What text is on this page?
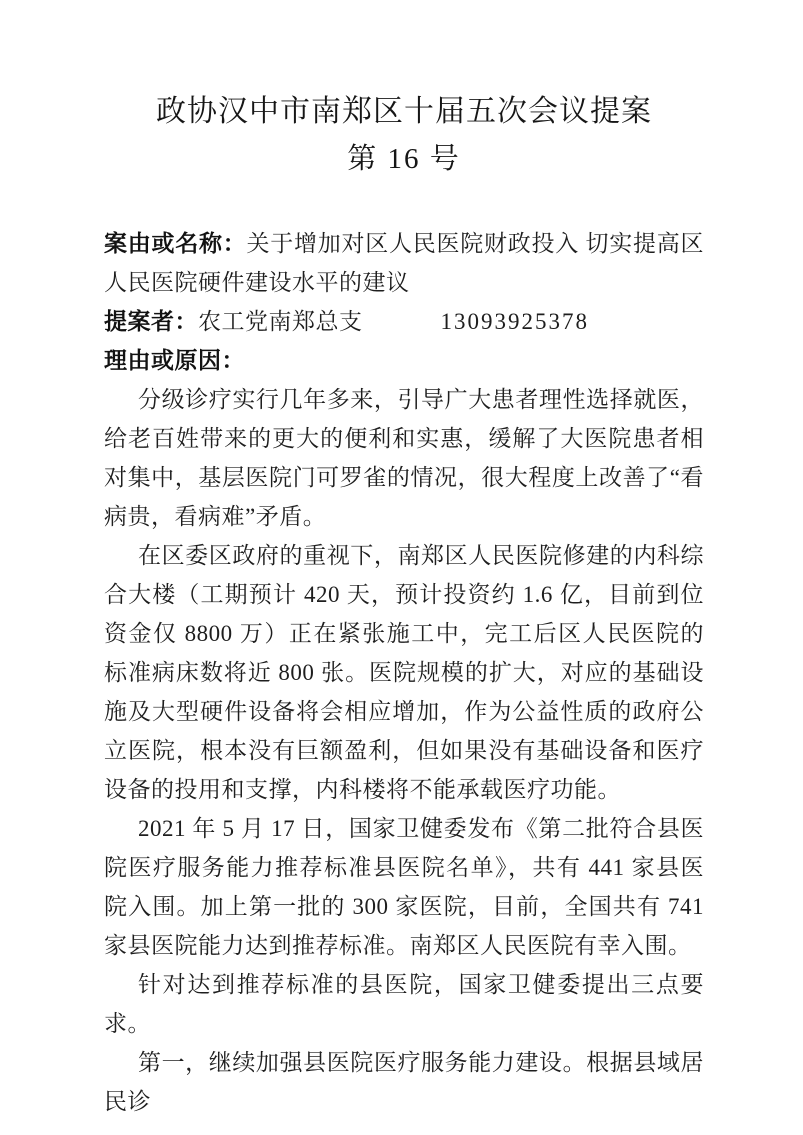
政协汉中市南郑区十届五次会议提案
第 16 号

案由或名称：关于增加对区人民医院财政投入 切实提高区人民医院硬件建设水平的建议

提案者：农工党南郑总支	13093925378

理由或原因：

分级诊疗实行几年多来，引导广大患者理性选择就医，给老百姓带来的更大的便利和实惠，缓解了大医院患者相对集中，基层医院门可罗雀的情况，很大程度上改善了“看病贵，看病难”矛盾。

在区委区政府的重视下，南郑区人民医院修建的内科综合大楼（工期预计 420 天，预计投资约 1.6 亿，目前到位资金仅 8800 万）正在紧张施工中，完工后区人民医院的标准病床数将近 800 张。医院规模的扩大，对应的基础设施及大型硬件设备将会相应增加，作为公益性质的政府公立医院，根本没有巨额盈利，但如果没有基础设备和医疗设备的投用和支撑，内科楼将不能承载医疗功能。

2021 年 5 月 17 日，国家卫健委发布《第二批符合县医院医疗服务能力推荐标准县医院名单》，共有 441 家县医院入围。加上第一批的 300 家医院，目前，全国共有 741 家县医院能力达到推荐标准。南郑区人民医院有幸入围。

针对达到推荐标准的县医院，国家卫健委提出三点要求。

第一，继续加强县医院医疗服务能力建设。根据县域居民诊
